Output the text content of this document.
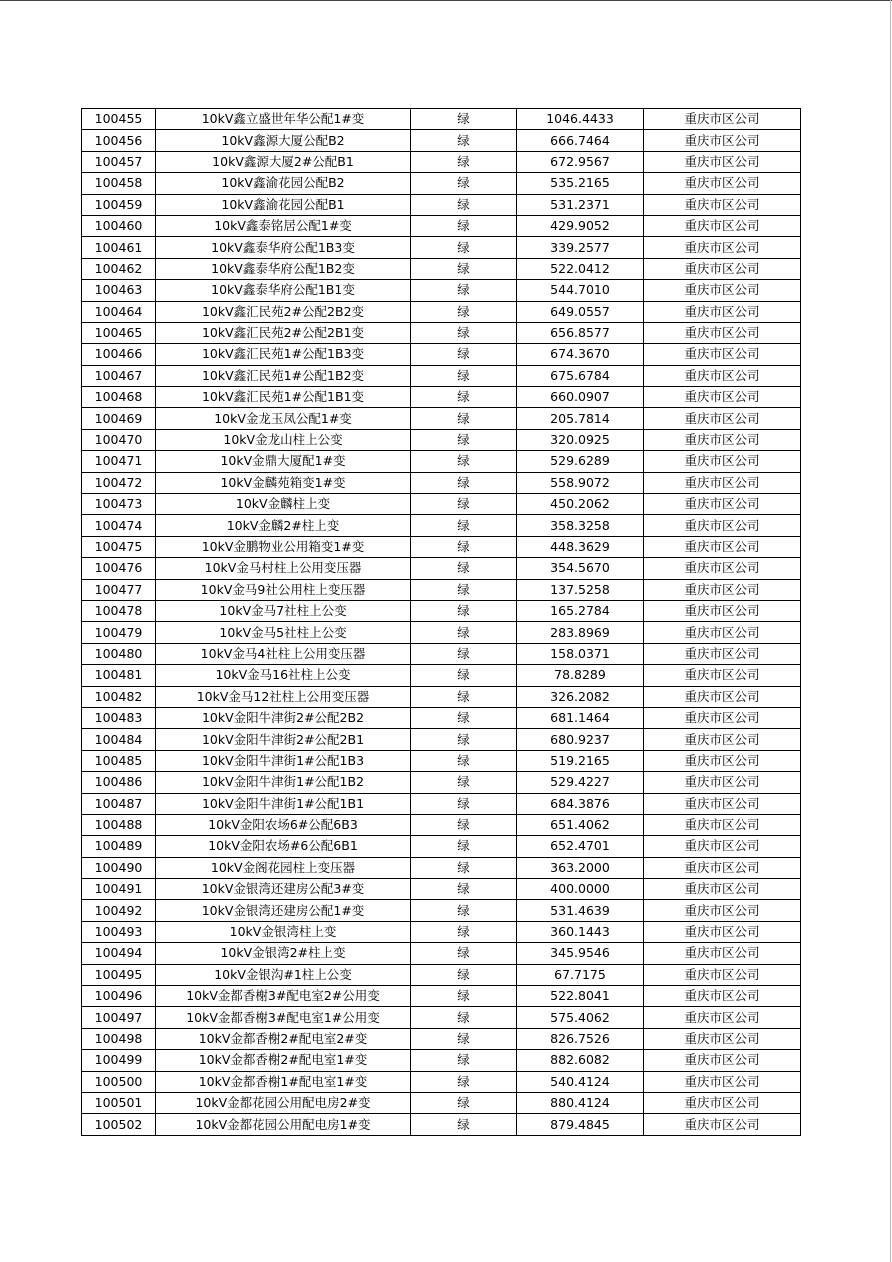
100455	10kV鑫立盛世年华公配1#变	绿	1046.4433	重庆市区公司
100456	10kV鑫源大厦公配B2	绿	666.7464	重庆市区公司
100457	10kV鑫源大厦2#公配B1	绿	672.9567	重庆市区公司
100458	10kV鑫渝花园公配B2	绿	535.2165	重庆市区公司
100459	10kV鑫渝花园公配B1	绿	531.2371	重庆市区公司
100460	10kV鑫泰铭居公配1#变	绿	429.9052	重庆市区公司
100461	10kV鑫泰华府公配1B3变	绿	339.2577	重庆市区公司
100462	10kV鑫泰华府公配1B2变	绿	522.0412	重庆市区公司
100463	10kV鑫泰华府公配1B1变	绿	544.7010	重庆市区公司
100464	10kV鑫汇民苑2#公配2B2变	绿	649.0557	重庆市区公司
100465	10kV鑫汇民苑2#公配2B1变	绿	656.8577	重庆市区公司
100466	10kV鑫汇民苑1#公配1B3变	绿	674.3670	重庆市区公司
100467	10kV鑫汇民苑1#公配1B2变	绿	675.6784	重庆市区公司
100468	10kV鑫汇民苑1#公配1B1变	绿	660.0907	重庆市区公司
100469	10kV金龙玉凤公配1#变	绿	205.7814	重庆市区公司
100470	10kV金龙山柱上公变	绿	320.0925	重庆市区公司
100471	10kV金鼎大厦配1#变	绿	529.6289	重庆市区公司
100472	10kV金麟苑箱变1#变	绿	558.9072	重庆市区公司
100473	10kV金麟柱上变	绿	450.2062	重庆市区公司
100474	10kV金麟2#柱上变	绿	358.3258	重庆市区公司
100475	10kV金鹏物业公用箱变1#变	绿	448.3629	重庆市区公司
100476	10kV金马村柱上公用变压器	绿	354.5670	重庆市区公司
100477	10kV金马9社公用柱上变压器	绿	137.5258	重庆市区公司
100478	10kV金马7社柱上公变	绿	165.2784	重庆市区公司
100479	10kV金马5社柱上公变	绿	283.8969	重庆市区公司
100480	10kV金马4社柱上公用变压器	绿	158.0371	重庆市区公司
100481	10kV金马16社柱上公变	绿	78.8289	重庆市区公司
100482	10kV金马12社柱上公用变压器	绿	326.2082	重庆市区公司
100483	10kV金阳牛津街2#公配2B2	绿	681.1464	重庆市区公司
100484	10kV金阳牛津街2#公配2B1	绿	680.9237	重庆市区公司
100485	10kV金阳牛津街1#公配1B3	绿	519.2165	重庆市区公司
100486	10kV金阳牛津街1#公配1B2	绿	529.4227	重庆市区公司
100487	10kV金阳牛津街1#公配1B1	绿	684.3876	重庆市区公司
100488	10kV金阳农场6#公配6B3	绿	651.4062	重庆市区公司
100489	10kV金阳农场#6公配6B1	绿	652.4701	重庆市区公司
100490	10kV金阁花园柱上变压器	绿	363.2000	重庆市区公司
100491	10kV金银湾还建房公配3#变	绿	400.0000	重庆市区公司
100492	10kV金银湾还建房公配1#变	绿	531.4639	重庆市区公司
100493	10kV金银湾柱上变	绿	360.1443	重庆市区公司
100494	10kV金银湾2#柱上变	绿	345.9546	重庆市区公司
100495	10kV金银沟#1柱上公变	绿	67.7175	重庆市区公司
100496	10kV金都香榭3#配电室2#公用变	绿	522.8041	重庆市区公司
100497	10kV金都香榭3#配电室1#公用变	绿	575.4062	重庆市区公司
100498	10kV金都香榭2#配电室2#变	绿	826.7526	重庆市区公司
100499	10kV金都香榭2#配电室1#变	绿	882.6082	重庆市区公司
100500	10kV金都香榭1#配电室1#变	绿	540.4124	重庆市区公司
100501	10kV金都花园公用配电房2#变	绿	880.4124	重庆市区公司
100502	10kV金都花园公用配电房1#变	绿	879.4845	重庆市区公司
